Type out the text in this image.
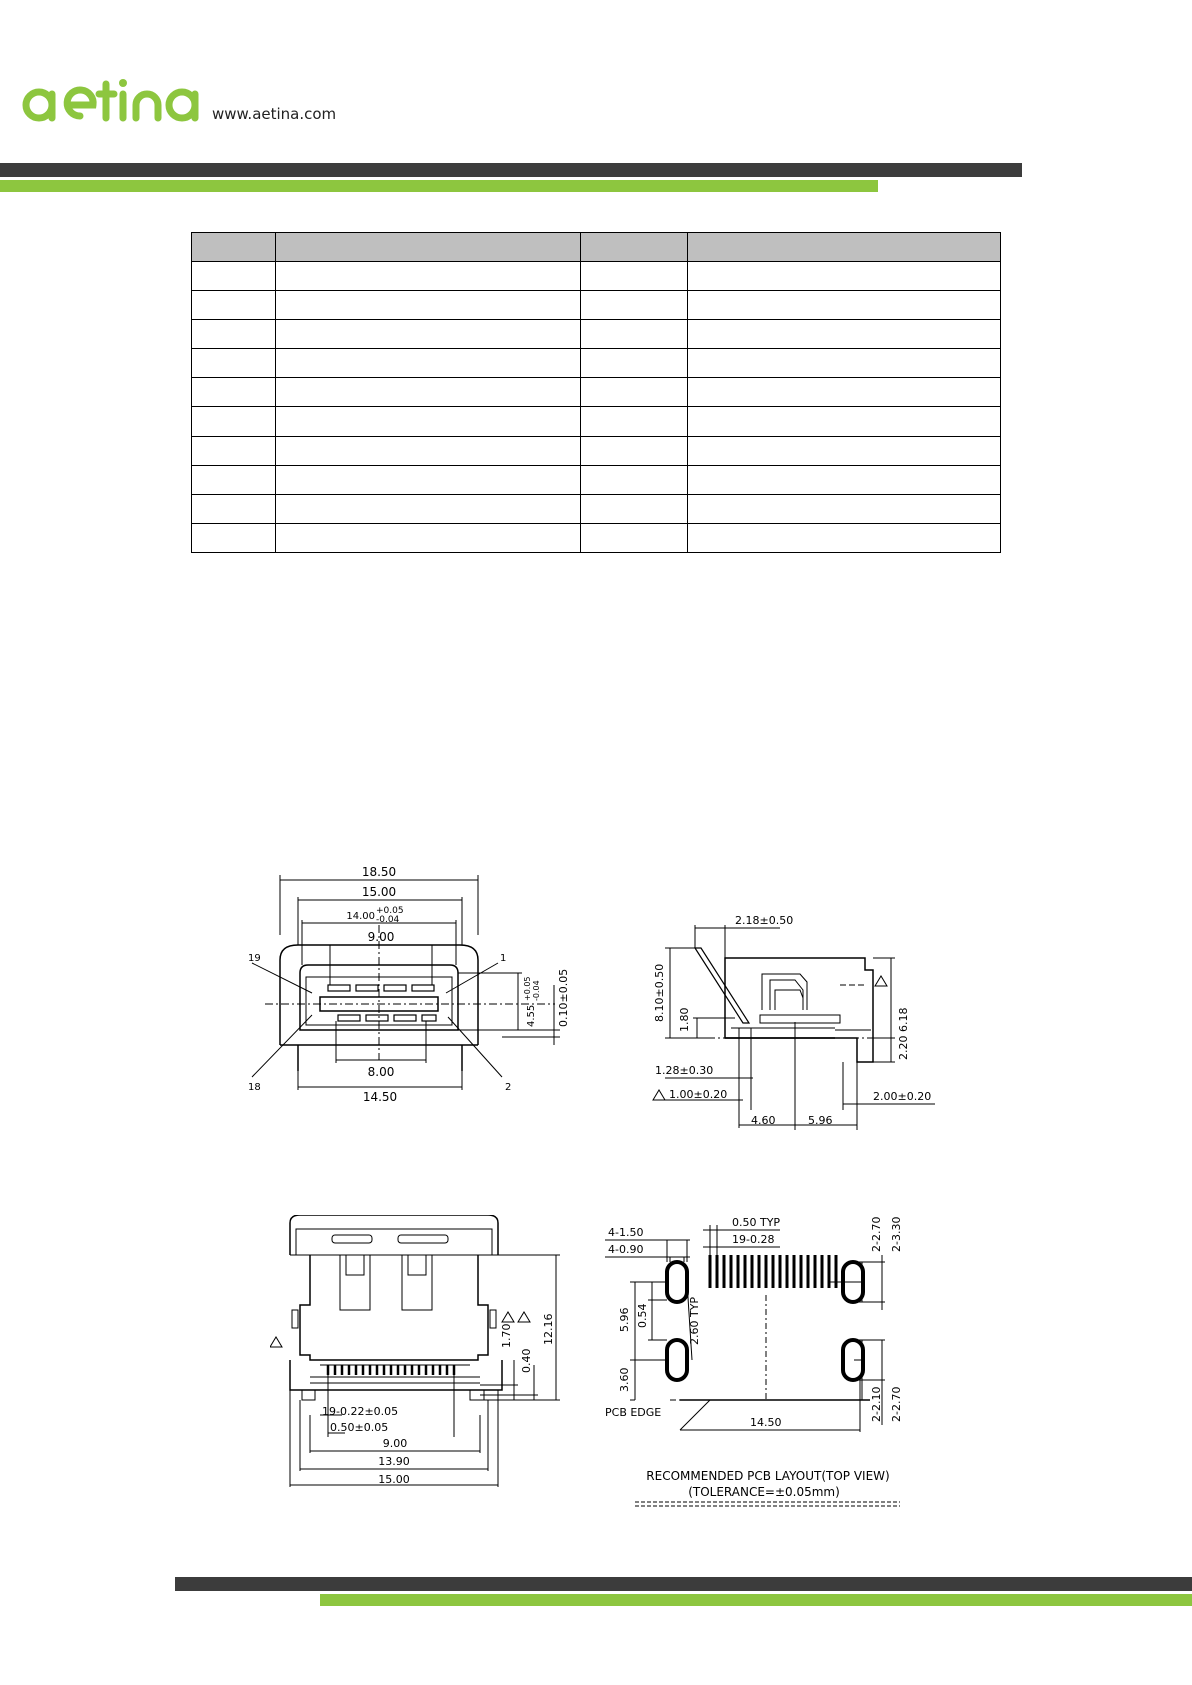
aetina
www.aetina.com

18.50
15.00
14.00 +0.05
-0.04
9.00
8.00
14.50
4.55
+0.05 -0.04 0.10±0.05
19	1
18	2
2.18±0.50
8.10±0.50 1.80
1.28±0.30
1.00±0.20
6.18
2.20
2.00±0.20
4.60	5.96
1.70
0.40
12.16
19-0.22±0.05
0.50±0.05
9.00
13.90
15.00
4-1.50
4-0.90
0.50 TYP
19-0.28	2-2.70 2-3.30
5.96 0.54	2.60 TYP
3.60
2-2.10 2-2.70
14.50
PCB EDGE
RECOMMENDED PCB LAYOUT(TOP VIEW)
(TOLERANCE=±0.05mm)
